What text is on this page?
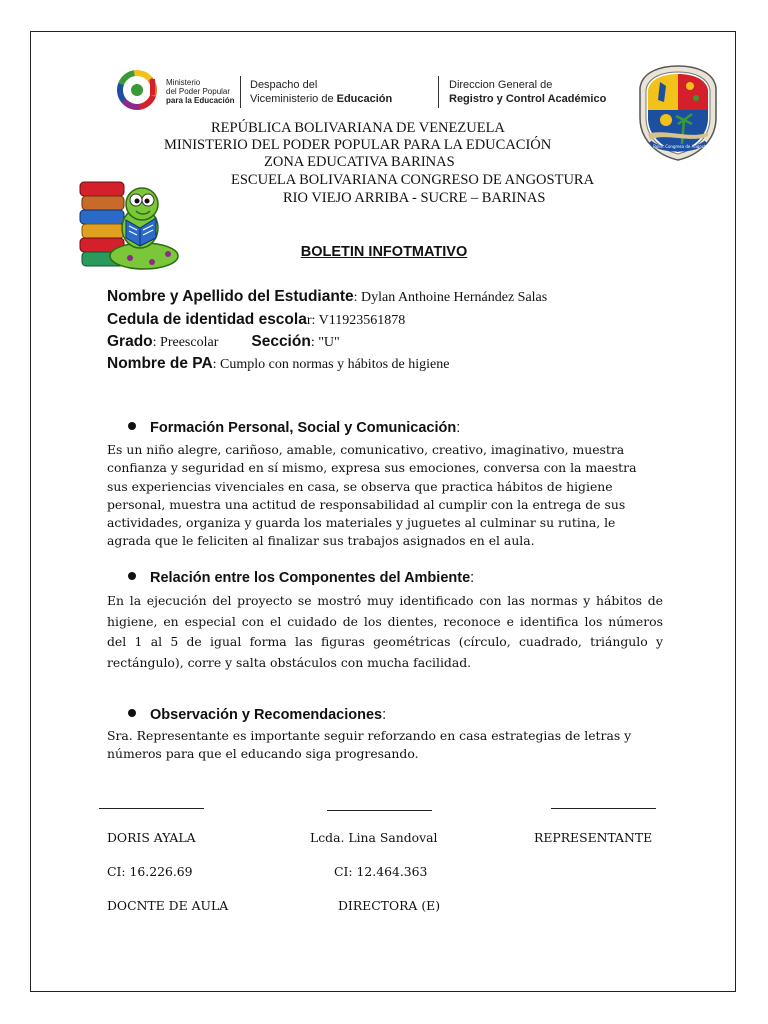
Ministerio
del Poder Popular
para la Educación
Despacho del
Viceministerio de Educación
Direccion General de
Registro y Control Académico
Esc. Boliv. Congreso de Angostura
REPÚBLICA BOLIVARIANA DE VENEZUELA
MINISTERIO DEL PODER POPULAR PARA LA EDUCACIÓN
ZONA EDUCATIVA BARINAS
ESCUELA BOLIVARIANA CONGRESO DE ANGOSTURA
RIO VIEJO ARRIBA - SUCRE – BARINAS
BOLETIN INFOTMATIVO
Nombre y Apellido del Estudiante: Dylan Anthoine Hernández Salas
Cedula de identidad escolar: V11923561878
Grado: Preescolar Sección: "U"
Nombre de PA: Cumplo con normas y hábitos de higiene
Formación Personal, Social y Comunicación:
Es un niño alegre, cariñoso, amable, comunicativo, creativo, imaginativo, muestra
confianza y seguridad en sí mismo, expresa sus emociones, conversa con la maestra
sus experiencias vivenciales en casa, se observa que practica hábitos de higiene
personal, muestra una actitud de responsabilidad al cumplir con la entrega de sus
actividades, organiza y guarda los materiales y juguetes al culminar su rutina, le
agrada que le feliciten al finalizar sus trabajos asignados en el aula.
Relación entre los Componentes del Ambiente:
En la ejecución del proyecto se mostró muy identificado con las normas y hábitos de
higiene, en especial con el cuidado de los dientes, reconoce e identifica los números
del 1 al 5 de igual forma las figuras geométricas (círculo, cuadrado, triángulo y
rectángulo), corre y salta obstáculos con mucha facilidad.
Observación y Recomendaciones:
Sra. Representante es importante seguir reforzando en casa estrategias de letras y
números para que el educando siga progresando.
DORIS AYALA	Lcda. Lina Sandoval	REPRESENTANTE
CI: 16.226.69	CI: 12.464.363
DOCNTE DE AULA	DIRECTORA (E)
